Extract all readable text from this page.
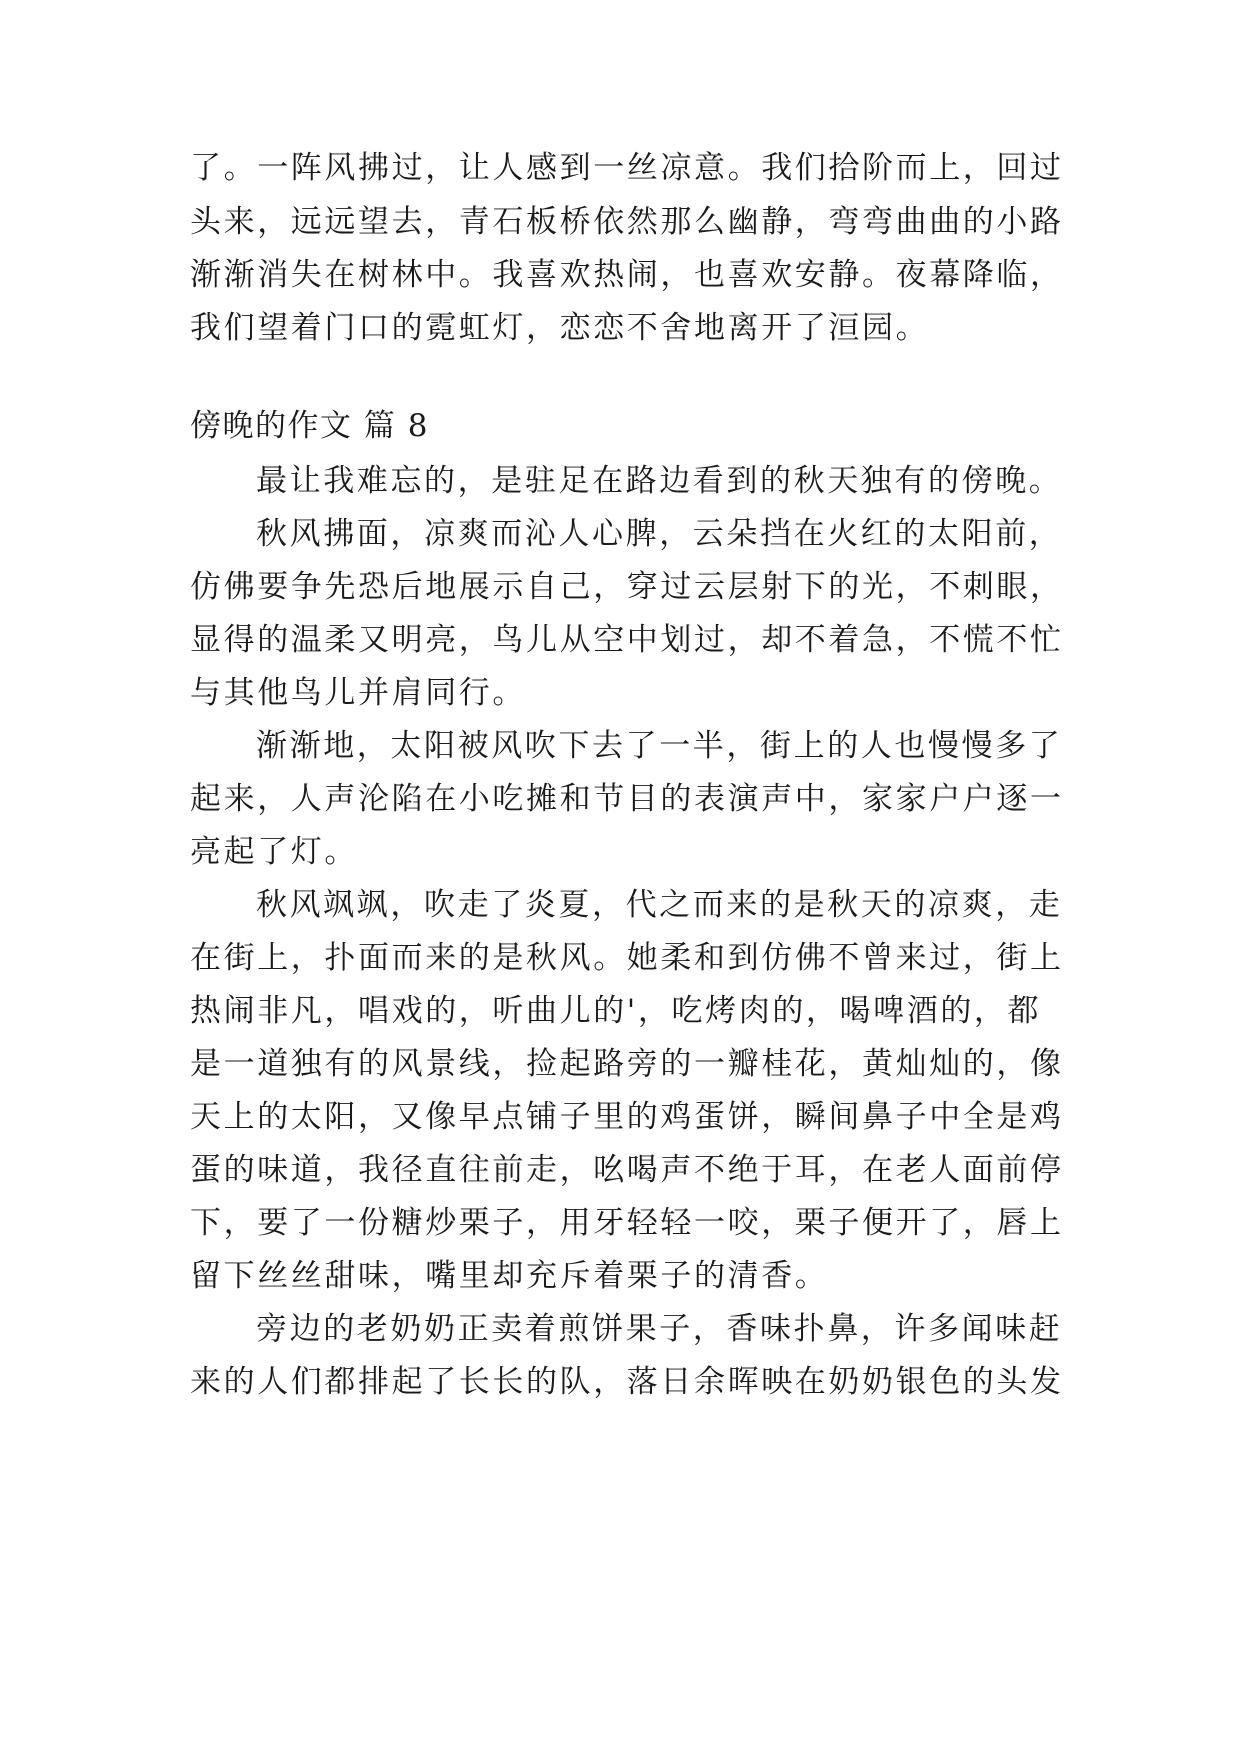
了。一阵风拂过，让人感到一丝凉意。我们拾阶而上，回过
头来，远远望去，青石板桥依然那么幽静，弯弯曲曲的小路
渐渐消失在树林中。我喜欢热闹，也喜欢安静。夜幕降临，
我们望着门口的霓虹灯，恋恋不舍地离开了洹园。
傍晚的作文 篇 8
最让我难忘的，是驻足在路边看到的秋天独有的傍晚。
秋风拂面，凉爽而沁人心脾，云朵挡在火红的太阳前，
仿佛要争先恐后地展示自己，穿过云层射下的光，不刺眼，
显得的温柔又明亮，鸟儿从空中划过，却不着急，不慌不忙
与其他鸟儿并肩同行。
渐渐地，太阳被风吹下去了一半，街上的人也慢慢多了
起来，人声沦陷在小吃摊和节目的表演声中，家家户户逐一
亮起了灯。
秋风飒飒，吹走了炎夏，代之而来的是秋天的凉爽，走
在街上，扑面而来的是秋风。她柔和到仿佛不曾来过，街上
热闹非凡，唱戏的，听曲儿的'，吃烤肉的，喝啤酒的，都
是一道独有的风景线，捡起路旁的一瓣桂花，黄灿灿的，像
天上的太阳，又像早点铺子里的鸡蛋饼，瞬间鼻子中全是鸡
蛋的味道，我径直往前走，吆喝声不绝于耳，在老人面前停
下，要了一份糖炒栗子，用牙轻轻一咬，栗子便开了，唇上
留下丝丝甜味，嘴里却充斥着栗子的清香。
旁边的老奶奶正卖着煎饼果子，香味扑鼻，许多闻味赶
来的人们都排起了长长的队，落日余晖映在奶奶银色的头发
